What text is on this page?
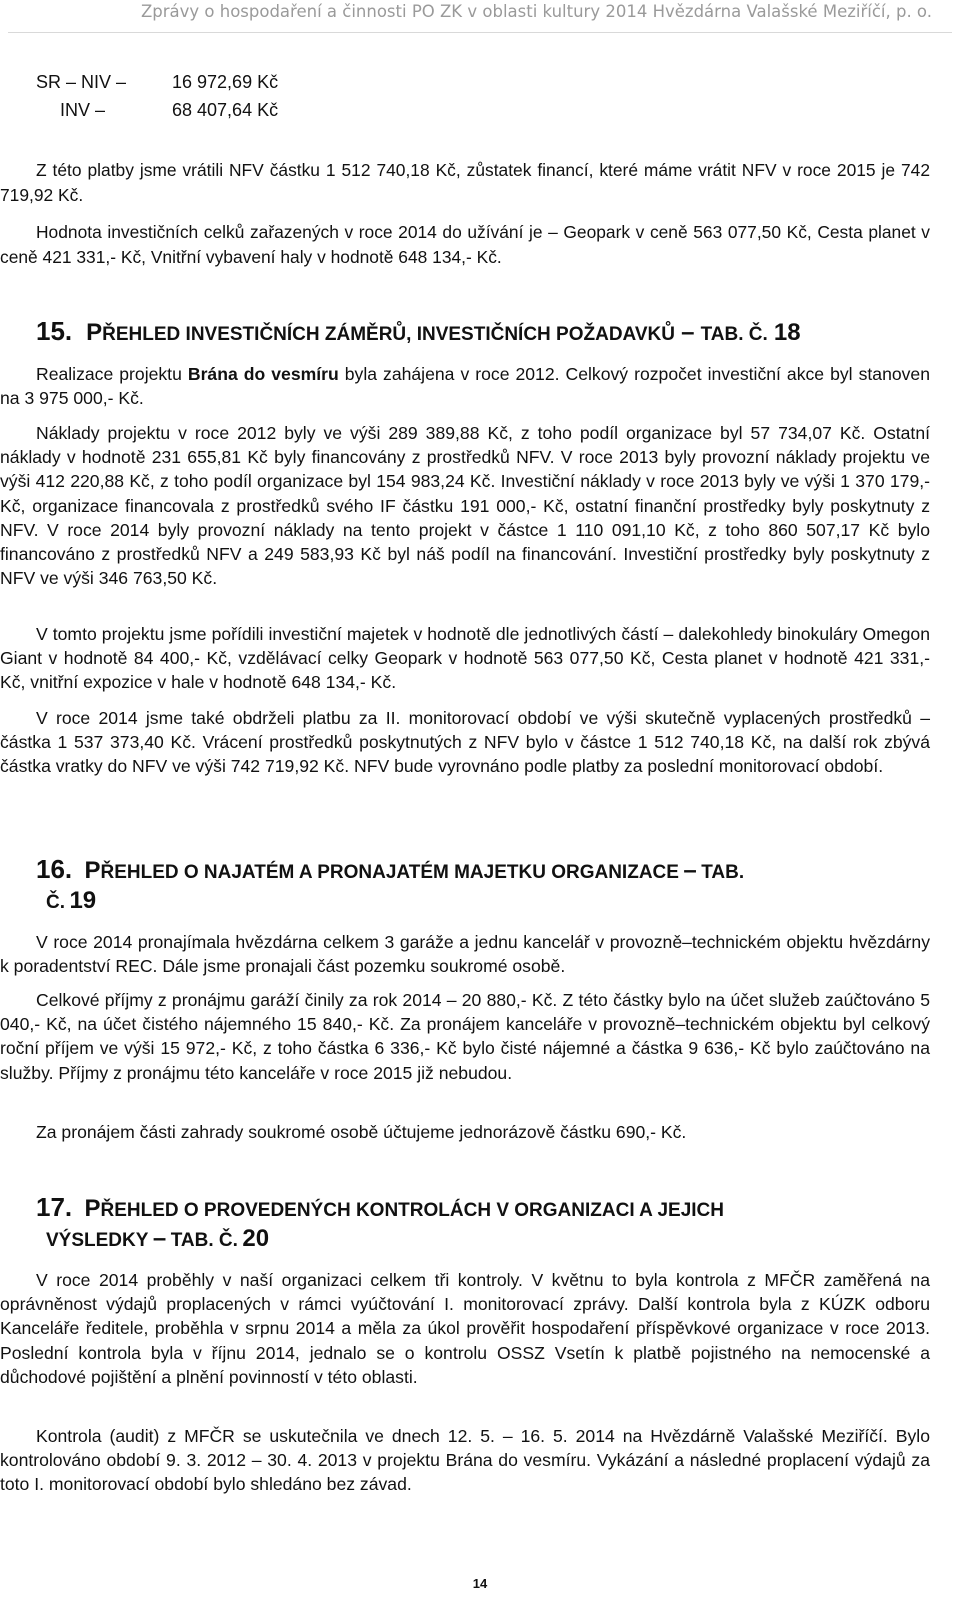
Zprávy o hospodaření a činnosti PO ZK v oblasti kultury 2014 Hvězdárna Valašské Meziříčí, p. o.
SR – NIV –	16 972,69 Kč
INV –	68 407,64 Kč

Z této platby jsme vrátili NFV částku 1 512 740,18 Kč, zůstatek financí, které máme vrátit NFV v roce 2015 je 742 719,92 Kč.

Hodnota investičních celků zařazených v roce 2014 do užívání je – Geopark v ceně 563 077,50 Kč, Cesta planet v ceně 421 331,- Kč, Vnitřní vybavení haly v hodnotě 648 134,- Kč.

15. PŘEHLED INVESTIČNÍCH ZÁMĚRŮ, INVESTIČNÍCH POŽADAVKŮ – TAB. Č. 18

Realizace projektu Brána do vesmíru byla zahájena v roce 2012. Celkový rozpočet investiční akce byl stanoven na 3 975 000,- Kč.

Náklady projektu v roce 2012 byly ve výši 289 389,88 Kč, z toho podíl organizace byl 57 734,07 Kč. Ostatní náklady v hodnotě 231 655,81 Kč byly financovány z prostředků NFV. V roce 2013 byly provozní náklady projektu ve výši 412 220,88 Kč, z toho podíl organizace byl 154 983,24 Kč. Investiční náklady v roce 2013 byly ve výši 1 370 179,- Kč, organizace financovala z prostředků svého IF částku 191 000,- Kč, ostatní finanční prostředky byly poskytnuty z NFV. V roce 2014 byly provozní náklady na tento projekt v částce 1 110 091,10 Kč, z toho 860 507,17 Kč bylo financováno z prostředků NFV a 249 583,93 Kč byl náš podíl na financování. Investiční prostředky byly poskytnuty z NFV ve výši 346 763,50 Kč.

V tomto projektu jsme pořídili investiční majetek v hodnotě dle jednotlivých částí – dalekohledy binokuláry Omegon Giant v hodnotě 84 400,- Kč, vzdělávací celky Geopark v hodnotě 563 077,50 Kč, Cesta planet v hodnotě 421 331,- Kč, vnitřní expozice v hale v hodnotě 648 134,- Kč.

V roce 2014 jsme také obdrželi platbu za II. monitorovací období ve výši skutečně vyplacených prostředků – částka 1 537 373,40 Kč. Vrácení prostředků poskytnutých z NFV bylo v částce 1 512 740,18 Kč, na další rok zbývá částka vratky do NFV ve výši 742 719,92 Kč. NFV bude vyrovnáno podle platby za poslední monitorovací období.

16. PŘEHLED O NAJATÉM A PRONAJATÉM MAJETKU ORGANIZACE – TAB.
Č. 19

V roce 2014 pronajímala hvězdárna celkem 3 garáže a jednu kancelář v provozně–technickém objektu hvězdárny k poradentství REC. Dále jsme pronajali část pozemku soukromé osobě.

Celkové příjmy z pronájmu garáží činily za rok 2014 – 20 880,- Kč. Z této částky bylo na účet služeb zaúčtováno 5 040,- Kč, na účet čistého nájemného 15 840,- Kč. Za pronájem kanceláře v provozně–technickém objektu byl celkový roční příjem ve výši 15 972,- Kč, z toho částka 6 336,- Kč bylo čisté nájemné a částka 9 636,- Kč bylo zaúčtováno na služby. Příjmy z pronájmu této kanceláře v roce 2015 již nebudou.

Za pronájem části zahrady soukromé osobě účtujeme jednorázově částku 690,- Kč.

17. PŘEHLED O PROVEDENÝCH KONTROLÁCH V ORGANIZACI A JEJICH
VÝSLEDKY – TAB. Č. 20

V roce 2014 proběhly v naší organizaci celkem tři kontroly. V květnu to byla kontrola z MFČR zaměřená na oprávněnost výdajů proplacených v rámci vyúčtování I. monitorovací zprávy. Další kontrola byla z KÚZK odboru Kanceláře ředitele, proběhla v srpnu 2014 a měla za úkol prověřit hospodaření příspěvkové organizace v roce 2013. Poslední kontrola byla v říjnu 2014, jednalo se o kontrolu OSSZ Vsetín k platbě pojistného na nemocenské a důchodové pojištění a plnění povinností v této oblasti.

Kontrola (audit) z MFČR se uskutečnila ve dnech 12. 5. – 16. 5. 2014 na Hvězdárně Valašské Meziříčí. Bylo kontrolováno období 9. 3. 2012 – 30. 4. 2013 v projektu Brána do vesmíru. Vykázání a následné proplacení výdajů za toto I. monitorovací období bylo shledáno bez závad.

14
